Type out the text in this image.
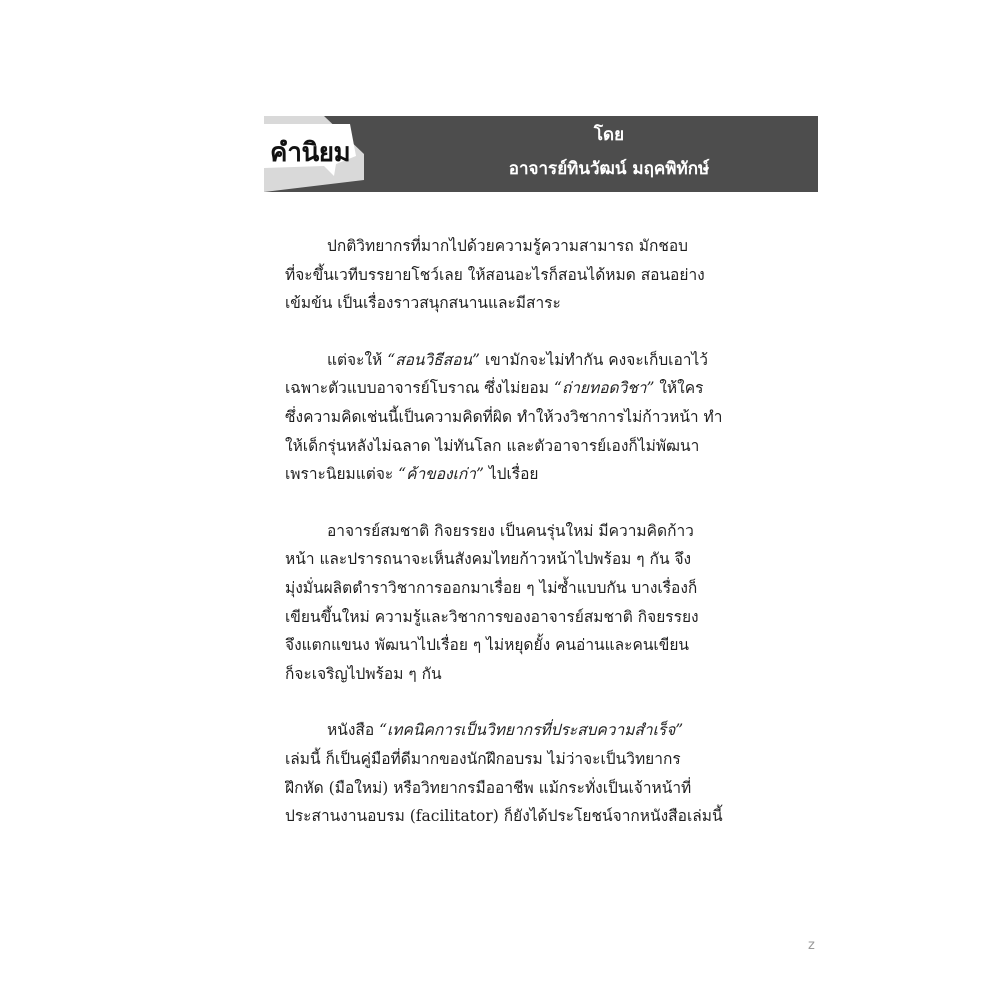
คำนิยม
โดย
อาจารย์ทินวัฒน์ มฤคพิทักษ์

ปกติวิทยากรที่มากไปด้วยความรู้ความสามารถ มักชอบ
ที่จะขึ้นเวทีบรรยายโชว์เลย ให้สอนอะไรก็สอนได้หมด สอนอย่าง
เข้มข้น เป็นเรื่องราวสนุกสนานและมีสาระ

แต่จะให้ “สอนวิธีสอน” เขามักจะไม่ทำกัน คงจะเก็บเอาไว้
เฉพาะตัวแบบอาจารย์โบราณ ซึ่งไม่ยอม “ถ่ายทอดวิชา” ให้ใคร
ซึ่งความคิดเช่นนี้เป็นความคิดที่ผิด ทำให้วงวิชาการไม่ก้าวหน้า ทำ
ให้เด็กรุ่นหลังไม่ฉลาด ไม่ทันโลก และตัวอาจารย์เองก็ไม่พัฒนา
เพราะนิยมแต่จะ “ค้าของเก่า” ไปเรื่อย

อาจารย์สมชาติ กิจยรรยง เป็นคนรุ่นใหม่ มีความคิดก้าว
หน้า และปรารถนาจะเห็นสังคมไทยก้าวหน้าไปพร้อม ๆ กัน จึง
มุ่งมั่นผลิตตำราวิชาการออกมาเรื่อย ๆ ไม่ซ้ำแบบกัน บางเรื่องก็
เขียนขึ้นใหม่ ความรู้และวิชาการของอาจารย์สมชาติ กิจยรรยง
จึงแตกแขนง พัฒนาไปเรื่อย ๆ ไม่หยุดยั้ง คนอ่านและคนเขียน
ก็จะเจริญไปพร้อม ๆ กัน

หนังสือ “เทคนิคการเป็นวิทยากรที่ประสบความสำเร็จ”
เล่มนี้ ก็เป็นคู่มือที่ดีมากของนักฝึกอบรม ไม่ว่าจะเป็นวิทยากร
ฝึกหัด (มือใหม่) หรือวิทยากรมืออาชีพ แม้กระทั่งเป็นเจ้าหน้าที่
ประสานงานอบรม (facilitator) ก็ยังได้ประโยชน์จากหนังสือเล่มนี้

z
